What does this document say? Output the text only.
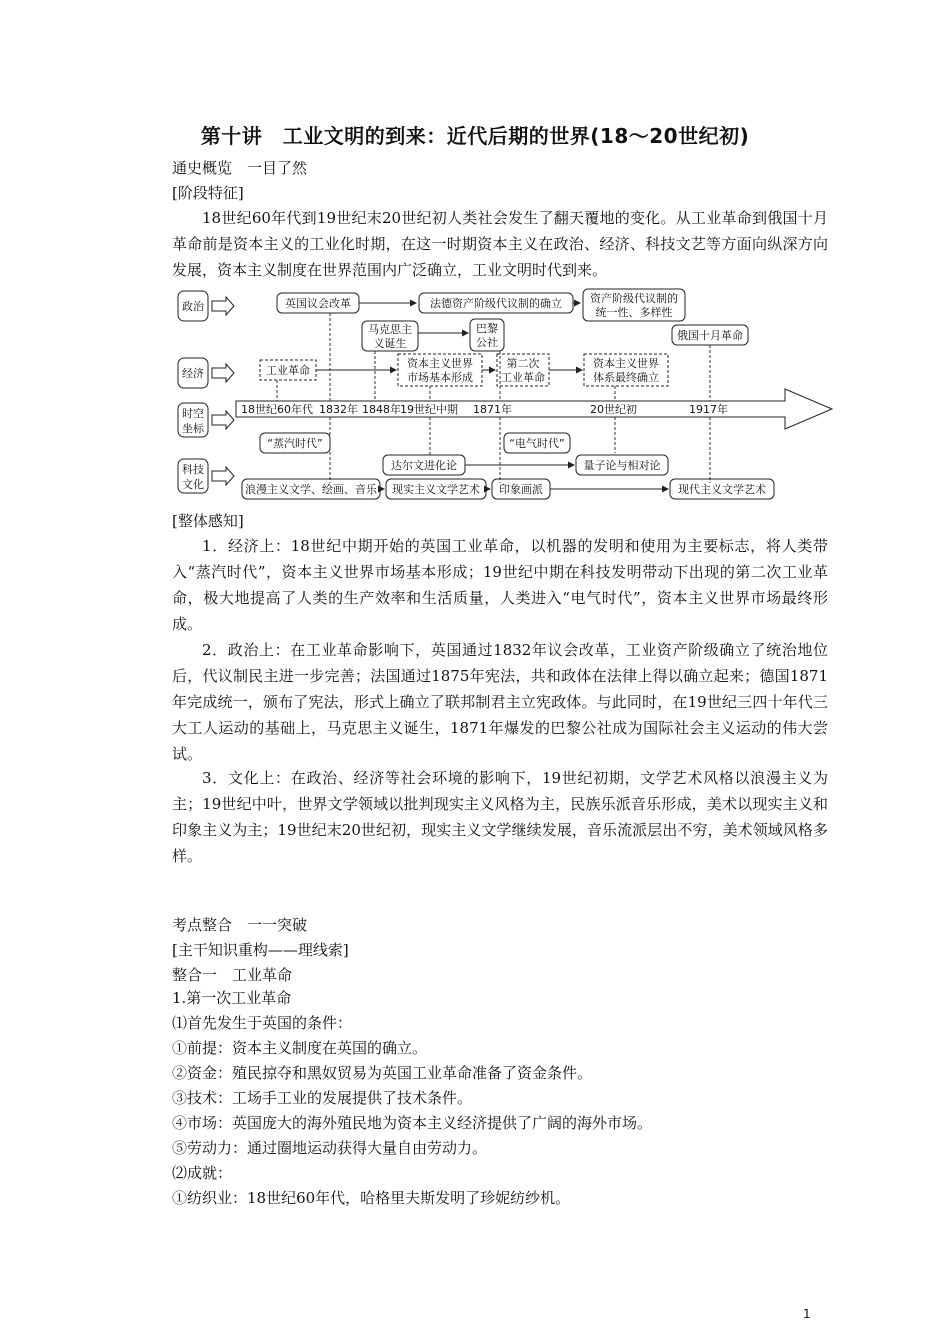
第十讲　工业文明的到来：近代后期的世界(18～20世纪初)
通史概览　一目了然
[阶段特征]
18世纪60年代到19世纪末20世纪初人类社会发生了翻天覆地的变化。从工业革命到俄国十月革命前是资本主义的工业化时期，在这一时期资本主义在政治、经济、科技文艺等方面向纵深方向发展，资本主义制度在世界范围内广泛确立，工业文明时代到来。
政治
经济
时空
坐标
科技
文化
18世纪60年代 1832年 1848年 19世纪中期 1871年	20世纪初	1917年
英国议会改革	法德资产阶级代议制的确立	资产阶级代议制的
统一性、多样性
马克思主
义诞生
巴黎
公社
俄国十月革命
工业革命
资本主义世界
市场基本形成
第二次
工业革命
资本主义世界
体系最终确立
“蒸汽时代”	“电气时代”
达尔文进化论	量子论与相对论
浪漫主义文学、绘画、音乐 现实主义文学艺术 印象画派	现代主义文学艺术
[整体感知]
1．经济上：18世纪中期开始的英国工业革命，以机器的发明和使用为主要标志，将人类带入“蒸汽时代”，资本主义世界市场基本形成；19世纪中期在科技发明带动下出现的第二次工业革命，极大地提高了人类的生产效率和生活质量，人类进入“电气时代”，资本主义世界市场最终形成。
2．政治上：在工业革命影响下，英国通过1832年议会改革，工业资产阶级确立了统治地位后，代议制民主进一步完善；法国通过1875年宪法，共和政体在法律上得以确立起来；德国1871年完成统一，颁布了宪法，形式上确立了联邦制君主立宪政体。与此同时，在19世纪三四十年代三大工人运动的基础上，马克思主义诞生，1871年爆发的巴黎公社成为国际社会主义运动的伟大尝试。
3．文化上：在政治、经济等社会环境的影响下，19世纪初期，文学艺术风格以浪漫主义为主；19世纪中叶，世界文学领域以批判现实主义风格为主，民族乐派音乐形成，美术以现实主义和印象主义为主；19世纪末20世纪初，现实主义文学继续发展，音乐流派层出不穷，美术领域风格多样。
考点整合　一一突破
[主干知识重构——理线索]
整合一　工业革命
1.第一次工业革命
⑴首先发生于英国的条件：
①前提：资本主义制度在英国的确立。
②资金：殖民掠夺和黑奴贸易为英国工业革命准备了资金条件。
③技术：工场手工业的发展提供了技术条件。
④市场：英国庞大的海外殖民地为资本主义经济提供了广阔的海外市场。
⑤劳动力：通过圈地运动获得大量自由劳动力。
⑵成就：
①纺织业：18世纪60年代，哈格里夫斯发明了珍妮纺纱机。
1
